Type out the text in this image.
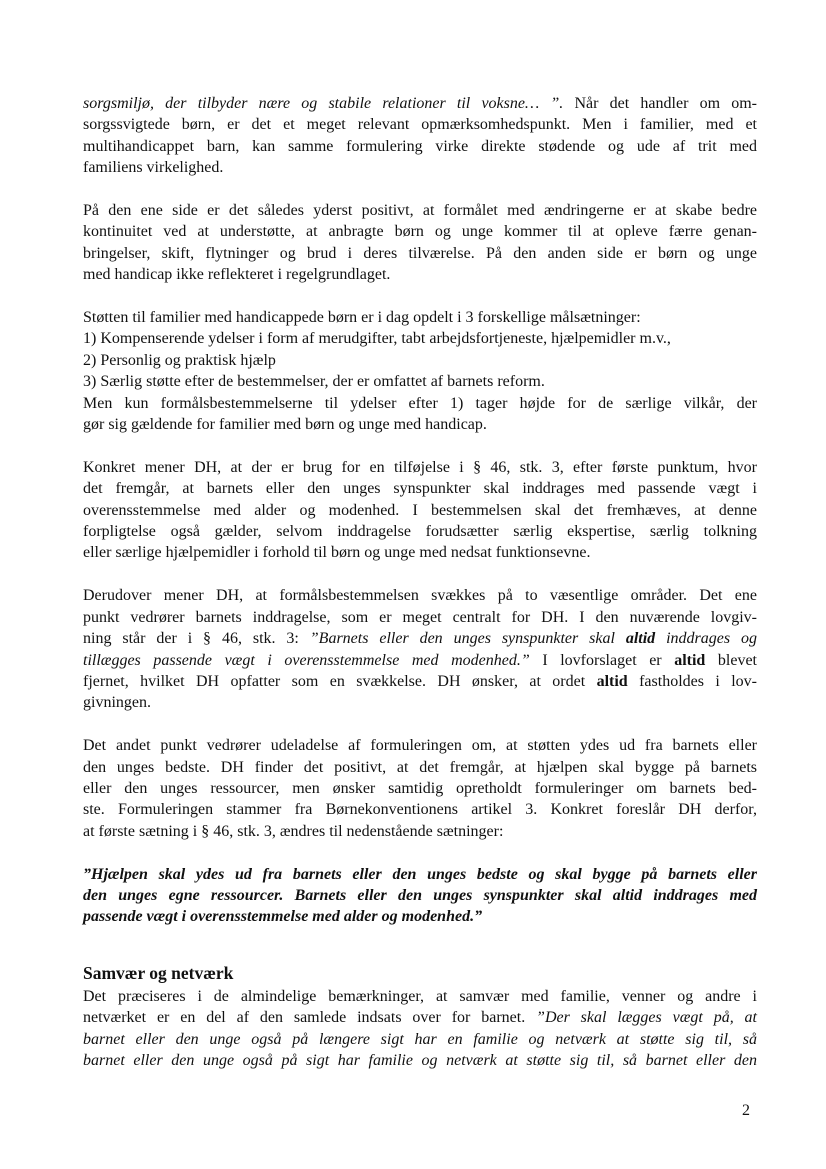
sorgsmiljø, der tilbyder nære og stabile relationer til voksne… ”. Når det handler om om-
sorgssvigtede børn, er det et meget relevant opmærksomhedspunkt. Men i familier, med et
multihandicappet barn, kan samme formulering virke direkte stødende og ude af trit med
familiens virkelighed.

På den ene side er det således yderst positivt, at formålet med ændringerne er at skabe bedre
kontinuitet ved at understøtte, at anbragte børn og unge kommer til at opleve færre genan-
bringelser, skift, flytninger og brud i deres tilværelse. På den anden side er børn og unge
med handicap ikke reflekteret i regelgrundlaget.

Støtten til familier med handicappede børn er i dag opdelt i 3 forskellige målsætninger:
1) Kompenserende ydelser i form af merudgifter, tabt arbejdsfortjeneste, hjælpemidler m.v.,
2) Personlig og praktisk hjælp
3) Særlig støtte efter de bestemmelser, der er omfattet af barnets reform.
Men kun formålsbestemmelserne til ydelser efter 1) tager højde for de særlige vilkår, der
gør sig gældende for familier med børn og unge med handicap.

Konkret mener DH, at der er brug for en tilføjelse i § 46, stk. 3, efter første punktum, hvor
det fremgår, at barnets eller den unges synspunkter skal inddrages med passende vægt i
overensstemmelse med alder og modenhed. I bestemmelsen skal det fremhæves, at denne
forpligtelse også gælder, selvom inddragelse forudsætter særlig ekspertise, særlig tolkning
eller særlige hjælpemidler i forhold til børn og unge med nedsat funktionsevne.

Derudover mener DH, at formålsbestemmelsen svækkes på to væsentlige områder. Det ene
punkt vedrører barnets inddragelse, som er meget centralt for DH. I den nuværende lovgiv-
ning står der i § 46, stk. 3: ”Barnets eller den unges synspunkter skal altid inddrages og
tillægges passende vægt i overensstemmelse med modenhed.” I lovforslaget er altid blevet
fjernet, hvilket DH opfatter som en svækkelse. DH ønsker, at ordet altid fastholdes i lov-
givningen.

Det andet punkt vedrører udeladelse af formuleringen om, at støtten ydes ud fra barnets eller
den unges bedste. DH finder det positivt, at det fremgår, at hjælpen skal bygge på barnets
eller den unges ressourcer, men ønsker samtidig opretholdt formuleringer om barnets bed-
ste. Formuleringen stammer fra Børnekonventionens artikel 3. Konkret foreslår DH derfor,
at første sætning i § 46, stk. 3, ændres til nedenstående sætninger:

”Hjælpen skal ydes ud fra barnets eller den unges bedste og skal bygge på barnets eller
den unges egne ressourcer. Barnets eller den unges synspunkter skal altid inddrages med
passende vægt i overensstemmelse med alder og modenhed.”

Samvær og netværk

Det præciseres i de almindelige bemærkninger, at samvær med familie, venner og andre i
netværket er en del af den samlede indsats over for barnet. ”Der skal lægges vægt på, at
barnet eller den unge også på længere sigt har en familie og netværk at støtte sig til, så
barnet eller den unge også på sigt har familie og netværk at støtte sig til, så barnet eller den

2
